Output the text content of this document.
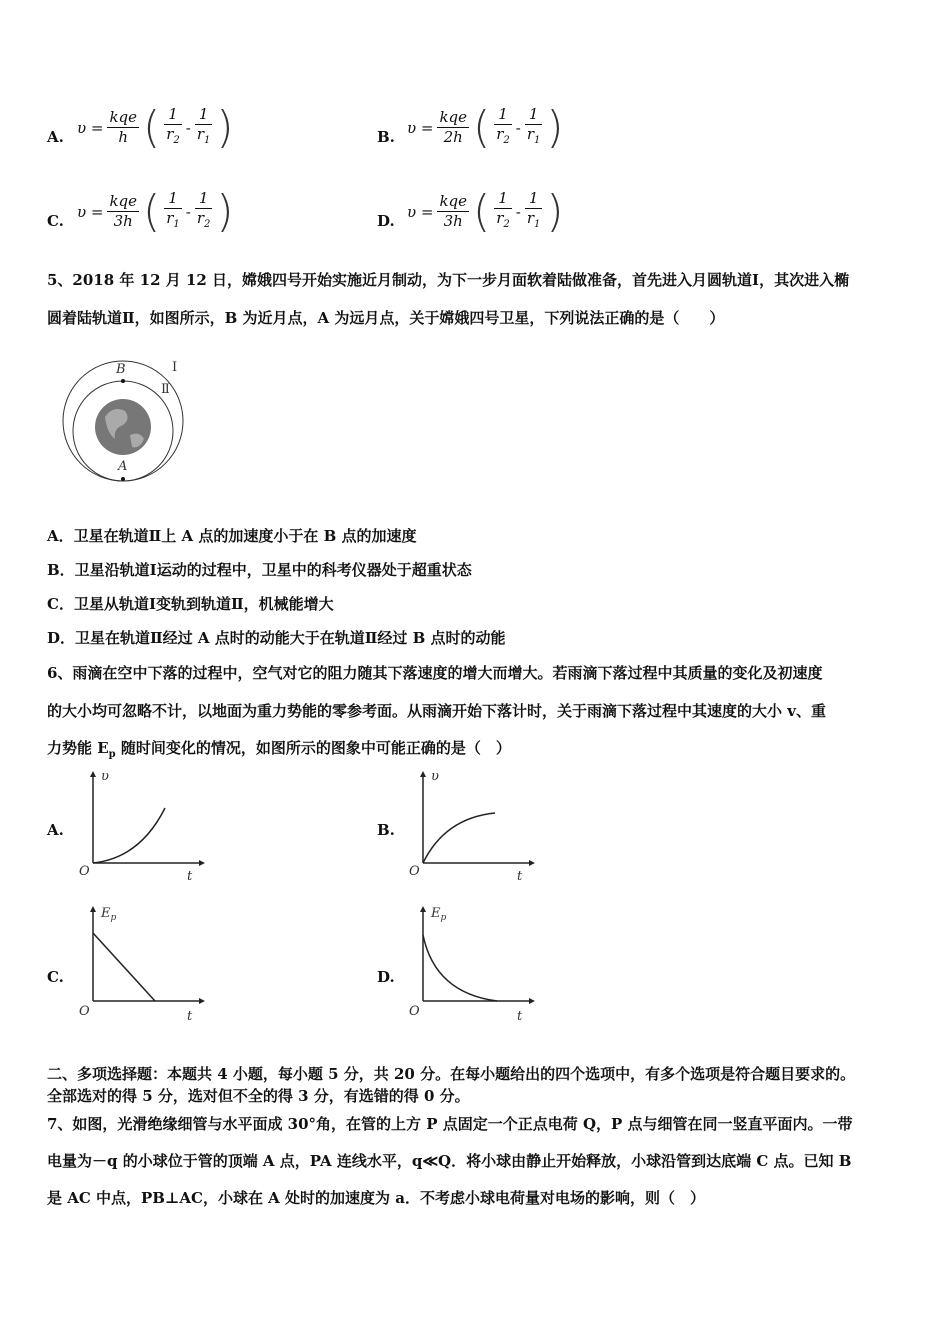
A.
$\upsilon = \frac{\text{kqe}}{h}$ ( $\frac{1}{r_2} - \frac{1}{r_1}$ )	B.
$\upsilon = \frac{\text{kqe}}{2h}$ ( $\frac{1}{r_2} - \frac{1}{r_1}$ )
C.
$\upsilon = \frac{\text{kqe}}{3h}$ ( $\frac{1}{r_1} - \frac{1}{r_2}$ )	D.
$\upsilon = \frac{\text{kqe}}{3h}$ ( $\frac{1}{r_2} - \frac{1}{r_1}$ )
5、2018 年 12 月 12 日，嫦娥四号开始实施近月制动，为下一步月面软着陆做准备，首先进入月圆轨道Ⅰ，其次进入椭
圆着陆轨道Ⅱ，如图所示，B 为近月点，A 为远月点，关于嫦娥四号卫星，下列说法正确的是（　　）
B
A
Ⅰ
Ⅱ
A．卫星在轨道Ⅱ上 A 点的加速度小于在 B 点的加速度
B．卫星沿轨道Ⅰ运动的过程中，卫星中的科考仪器处于超重状态
C．卫星从轨道Ⅰ变轨到轨道Ⅱ，机械能增大
D．卫星在轨道Ⅱ经过 A 点时的动能大于在轨道Ⅱ经过 B 点时的动能
6、雨滴在空中下落的过程中，空气对它的阻力随其下落速度的增大而增大。若雨滴下落过程中其质量的变化及初速度
的大小均可忽略不计，以地面为重力势能的零参考面。从雨滴开始下落计时，关于雨滴下落过程中其速度的大小 v、重
力势能 $E_p$ 随时间变化的情况，如图所示的图象中可能正确的是（　）
A.
υ
O	t
B.
υ
O	t
C.
$E_p$
O	t
D.
$E_p$
O	t
二、多项选择题：本题共 4 小题，每小题 5 分，共 20 分。在每小题给出的四个选项中，有多个选项是符合题目要求的。
全部选对的得 5 分，选对但不全的得 3 分，有选错的得 0 分。
7、如图，光滑绝缘细管与水平面成 30°角，在管的上方 P 点固定一个正点电荷 Q，P 点与细管在同一竖直平面内。一带
电量为－q 的小球位于管的顶端 A 点，PA 连线水平，q≪Q．将小球由静止开始释放，小球沿管到达底端 C 点。已知 B
是 AC 中点，PB⊥AC，小球在 A 处时的加速度为 a．不考虑小球电荷量对电场的影响，则（　）
